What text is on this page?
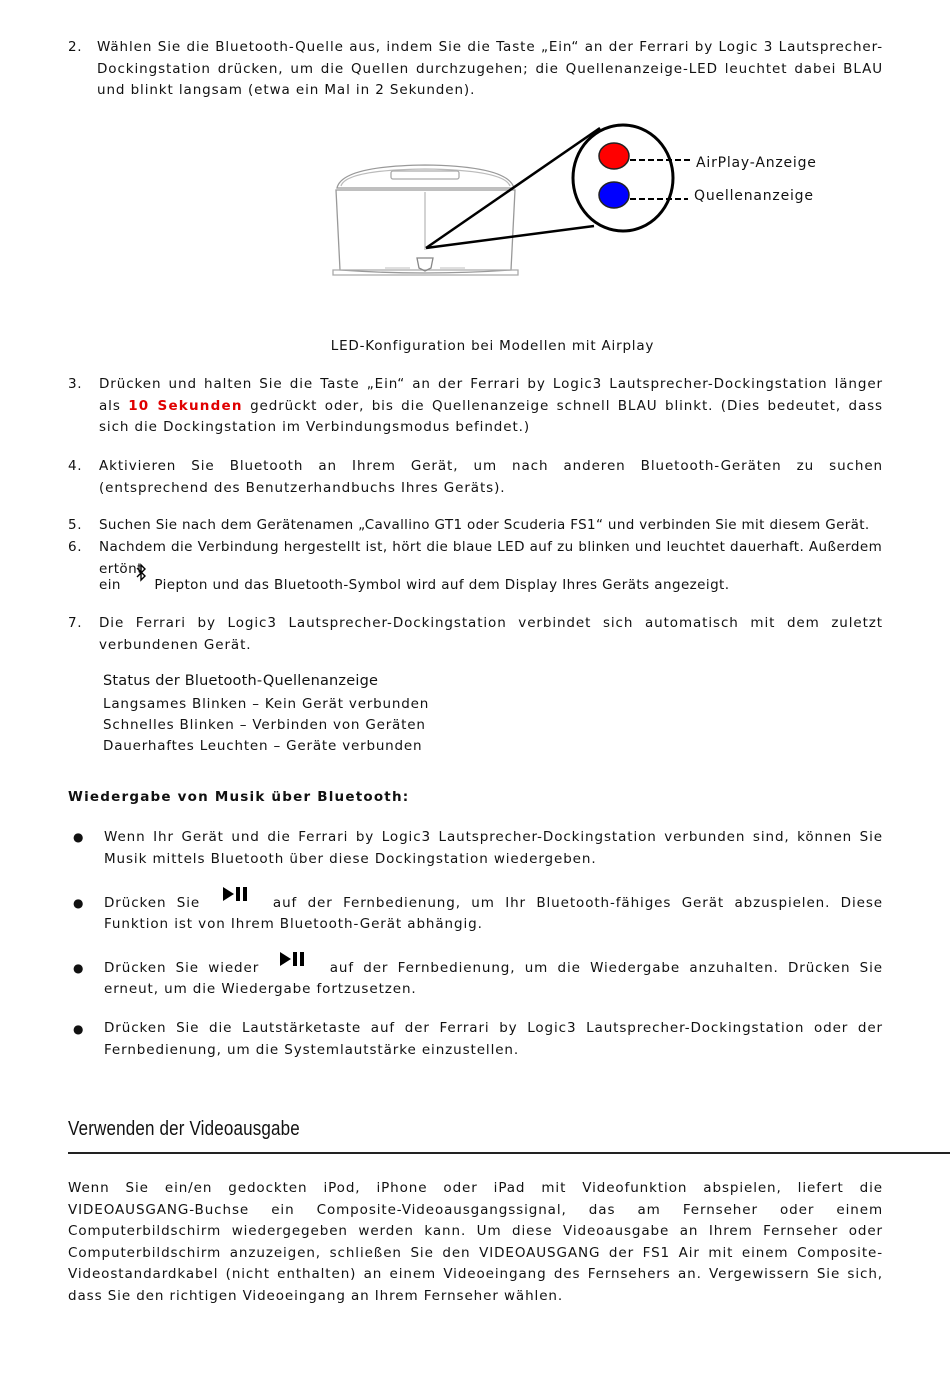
2. Wählen Sie die Bluetooth-Quelle aus, indem Sie die Taste „Ein“ an der Ferrari by Logic 3 Lautsprecher-Dockingstation drücken, um die Quellen durchzugehen; die Quellenanzeige-LED leuchtet dabei BLAU und blinkt langsam (etwa ein Mal in 2 Sekunden).
AirPlay-Anzeige
Quellenanzeige
LED-Konfiguration bei Modellen mit Airplay
3. Drücken und halten Sie die Taste „Ein“ an der Ferrari by Logic3 Lautsprecher-Dockingstation länger als 10 Sekunden gedrückt oder, bis die Quellenanzeige schnell BLAU blinkt. (Dies bedeutet, dass sich die Dockingstation im Verbindungsmodus befindet.)
4. Aktivieren Sie Bluetooth an Ihrem Gerät, um nach anderen Bluetooth-Geräten zu suchen (entsprechend des Benutzerhandbuchs Ihres Geräts).
5. Suchen Sie nach dem Gerätenamen „Cavallino GT1 oder Scuderia FS1“ und verbinden Sie mit diesem Gerät.
6. Nachdem die Verbindung hergestellt ist, hört die blaue LED auf zu blinken und leuchtet dauerhaft. Außerdem ertönt
ein Piepton und das Bluetooth-Symbol wird auf dem Display Ihres Geräts angezeigt.
7. Die Ferrari by Logic3 Lautsprecher-Dockingstation verbindet sich automatisch mit dem zuletzt verbundenen Gerät.
Status der Bluetooth-Quellenanzeige
Langsames Blinken – Kein Gerät verbunden
Schnelles Blinken – Verbinden von Geräten
Dauerhaftes Leuchten – Geräte verbunden
Wiedergabe von Musik über Bluetooth:
● Wenn Ihr Gerät und die Ferrari by Logic3 Lautsprecher-Dockingstation verbunden sind, können Sie Musik mittels Bluetooth über diese Dockingstation wiedergeben.
● Drücken Sie	auf der Fernbedienung, um Ihr Bluetooth-fähiges Gerät abzuspielen. Diese Funktion ist von Ihrem Bluetooth-Gerät abhängig.
● Drücken Sie wieder	auf der Fernbedienung, um die Wiedergabe anzuhalten. Drücken Sie erneut, um die Wiedergabe fortzusetzen.
● Drücken Sie die Lautstärketaste auf der Ferrari by Logic3 Lautsprecher-Dockingstation oder der Fernbedienung, um die Systemlautstärke einzustellen.
Verwenden der Videoausgabe
Wenn Sie ein/en gedockten iPod, iPhone oder iPad mit Videofunktion abspielen, liefert die VIDEOAUSGANG-Buchse ein Composite-Videoausgangssignal, das am Fernseher oder einem Computerbildschirm wiedergegeben werden kann. Um diese Videoausgabe an Ihrem Fernseher oder Computerbildschirm anzuzeigen, schließen Sie den VIDEOAUSGANG der FS1 Air mit einem Composite-Videostandardkabel (nicht enthalten) an einem Videoeingang des Fernsehers an. Vergewissern Sie sich, dass Sie den richtigen Videoeingang an Ihrem Fernseher wählen.
